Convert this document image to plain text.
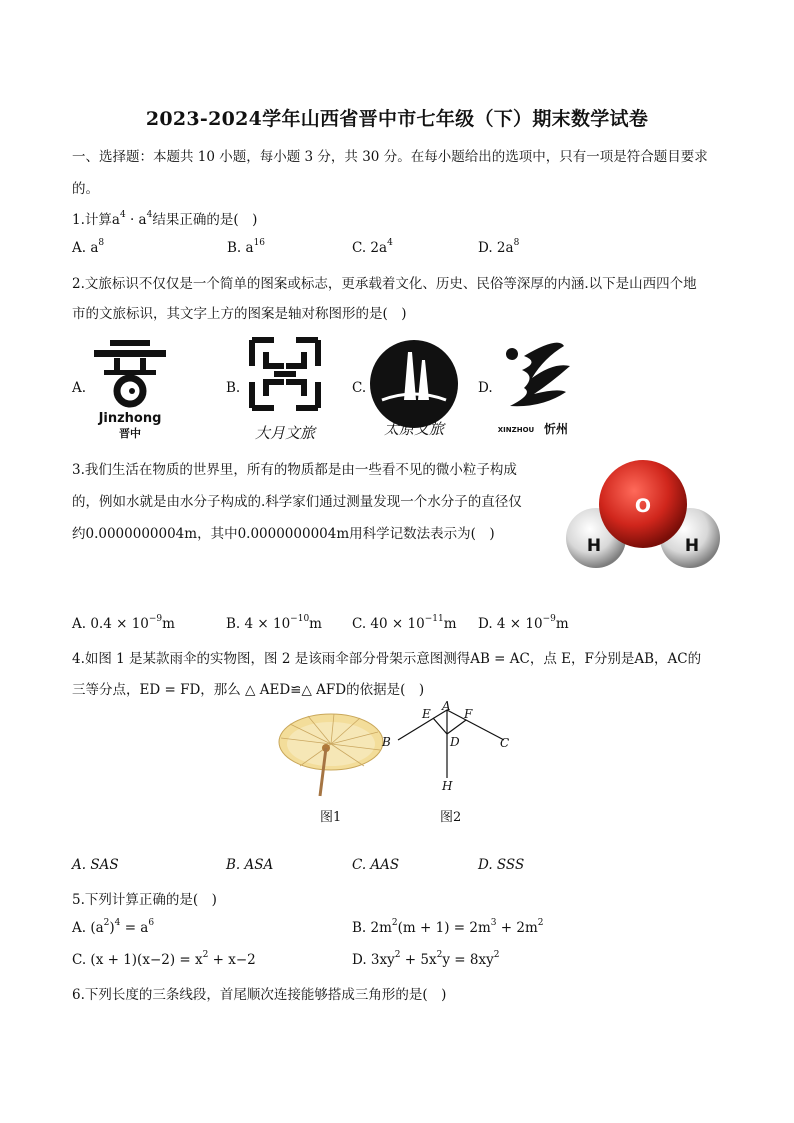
2023-2024学年山西省晋中市七年级（下）期末数学试卷
一、选择题：本题共 10 小题，每小题 3 分，共 30 分。在每小题给出的选项中，只有一项是符合题目要求
的。
1.计算$a^4 \cdot a^4$结果正确的是(　)
A. $a^8$	B. $a^{16}$	C. $2a^4$	D. $2a^8$
2.文旅标识不仅仅是一个简单的图案或标志，更承载着文化、历史、民俗等深厚的内涵.以下是山西四个地
市的文旅标识，其文字上方的图案是轴对称图形的是(　)
A.	B.	C.	D.
Jinzhong
晋中	大月文旅	太原文旅	XINZHOU 忻州
3.我们生活在物质的世界里，所有的物质都是由一些看不见的微小粒子构成
的，例如水就是由水分子构成的.科学家们通过测量发现一个水分子的直径仅
约0.0000000004m，其中0.0000000004m用科学记数法表示为(　)
O
H	H
A. $0.4 \times 10^{-9}m$	B. $4 \times 10^{-10}m$ C. $40 \times 10^{-11}m$ D. $4 \times 10^{-9}m$
4.如图 1 是某款雨伞的实物图，图 2 是该雨伞部分骨架示意图测得AB = AC，点 E，F分别是AB，AC的
三等分点，ED = FD，那么 △ AED≌△ AFD的依据是(　)
A
E	F
B	C
D
H
图1	图2
A. SAS	B. ASA	C. AAS	D. SSS
5.下列计算正确的是(　)
A. $(a^2)^4 = a^6$	B. $2m^2(m + 1) = 2m^3 + 2m^2$
C. $(x + 1)(x-2) = x^2 + x-2$	D. $3xy^2 + 5x^2y = 8xy^2$
6.下列长度的三条线段，首尾顺次连接能够搭成三角形的是(　)
